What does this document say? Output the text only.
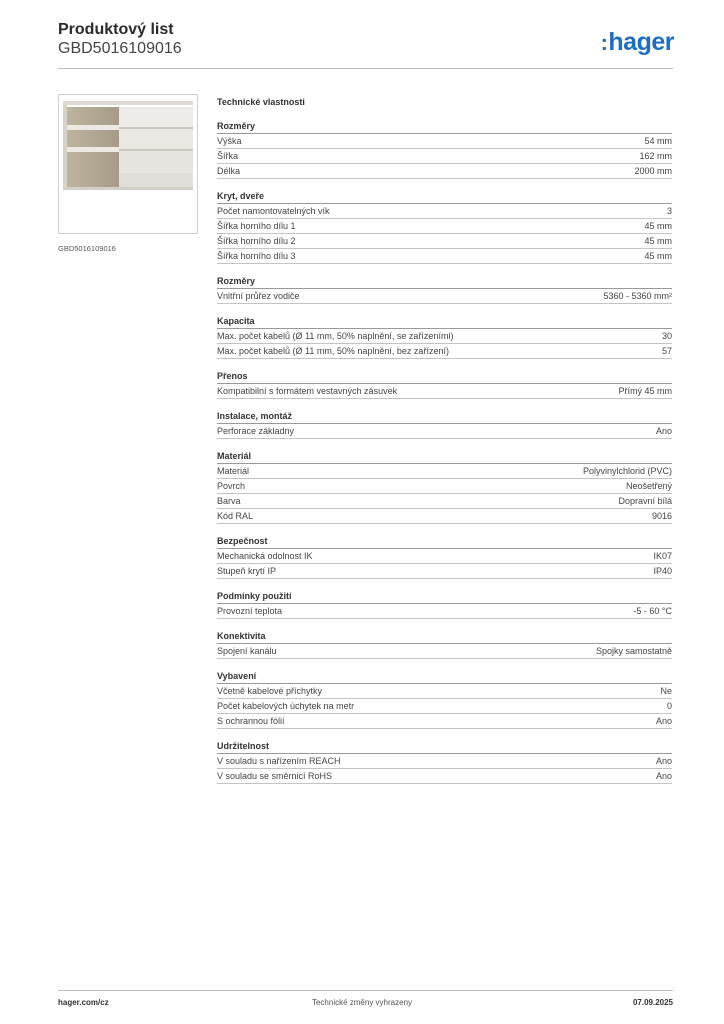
Produktový list
GBD5016109016	:hager
GBD5016109016
Technické vlastnosti
Rozměry
Výška	54 mm
Šířka	162 mm
Délka	2000 mm
Kryt, dveře
Počet namontovatelných vík	3
Šířka horního dílu 1	45 mm
Šířka horního dílu 2	45 mm
Šířka horního dílu 3	45 mm
Rozměry
Vnitřní průřez vodiče	5360 - 5360 mm²
Kapacita
Max. počet kabelů (Ø 11 mm, 50% naplnění, se zařízeními)	30
Max. počet kabelů (Ø 11 mm, 50% naplnění, bez zařízení)	57
Přenos
Kompatibilní s formátem vestavných zásuvek	Přímý 45 mm
Instalace, montáž
Perforace základny	Ano
Materiál
Materiál	Polyvinylchlorid (PVC)
Povrch	Neošetřený
Barva	Dopravní bílá
Kód RAL	9016
Bezpečnost
Mechanická odolnost IK	IK07
Stupeň krytí IP	IP40
Podmínky použití
Provozní teplota	-5 - 60 °C
Konektivita
Spojení kanálu	Spojky samostatně
Vybavení
Včetně kabelové příchytky	Ne
Počet kabelových úchytek na metr	0
S ochrannou fólií	Ano
Udržitelnost
V souladu s nařízením REACH	Ano
V souladu se směrnicí RoHS	Ano
hager.com/cz	Technické změny vyhrazeny	07.09.2025
